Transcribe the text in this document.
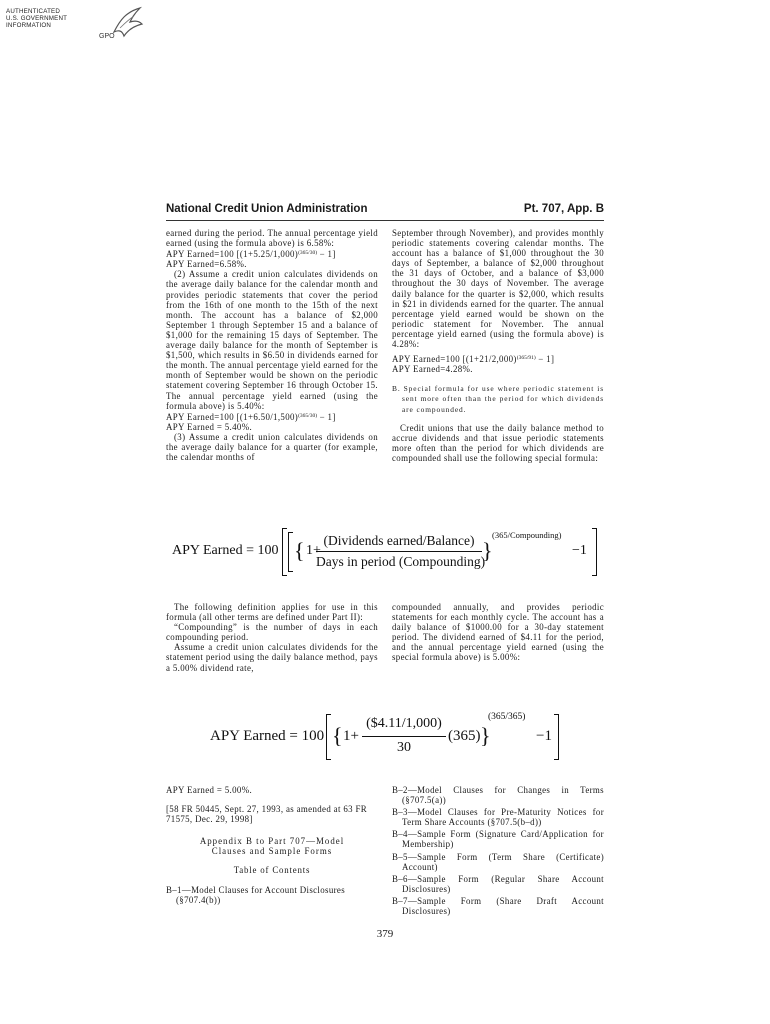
AUTHENTICATED
U.S. GOVERNMENT
INFORMATION
GPO
National Credit Union Administration	Pt. 707, App. B

earned during the period. The annual percentage yield earned (using the formula above) is 6.58%:

APY Earned=100 $[(1+5.25/1,000)^{(365/30)} - 1]$

APY Earned=6.58%.

(2) Assume a credit union calculates dividends on the average daily balance for the calendar month and provides periodic statements that cover the period from the 16th of one month to the 15th of the next month. The account has a balance of $2,000 September 1 through September 15 and a balance of $1,000 for the remaining 15 days of September. The average daily balance for the month of September is $1,500, which results in $6.50 in dividends earned for the month. The annual percentage yield earned for the month of September would be shown on the periodic statement covering September 16 through October 15. The annual percentage yield earned (using the formula above) is 5.40%:

APY Earned=100 $[(1+6.50/1,500)^{(365/30)} - 1]$

APY Earned = 5.40%.

(3) Assume a credit union calculates dividends on the average daily balance for a quarter (for example, the calendar months of

September through November), and provides monthly periodic statements covering calendar months. The account has a balance of $1,000 throughout the 30 days of September, a balance of $2,000 throughout the 31 days of October, and a balance of $3,000 throughout the 30 days of November. The average daily balance for the quarter is $2,000, which results in $21 in dividends earned for the quarter. The annual percentage yield earned would be shown on the periodic statement for November. The annual percentage yield earned (using the formula above) is 4.28%:

APY Earned=100 $[(1+21/2,000)^{(365/91)} - 1]$

APY Earned=4.28%.

B. Special formula for use where periodic statement is sent more often than the period for which dividends are compounded.

Credit unions that use the daily balance method to accrue dividends and that issue periodic statements more often than the period for which dividends are compounded shall use the following special formula:

APY Earned = 100 { 1+
(Dividends earned/Balance)
Days in period (Compounding)
}
(365/Compounding)
−1

The following definition applies for use in this formula (all other terms are defined under Part II):

“Compounding” is the number of days in each compounding period.

Assume a credit union calculates dividends for the statement period using the daily balance method, pays a 5.00% dividend rate,

compounded annually, and provides periodic statements for each monthly cycle. The account has a daily balance of $1000.00 for a 30-day statement period. The dividend earned of $4.11 for the period, and the annual percentage yield earned (using the special formula above) is 5.00%:

APY Earned = 100 { 1+
($4.11/1,000)
30
(365) }
(365/365)
−1

APY Earned = 5.00%.

[58 FR 50445, Sept. 27, 1993, as amended at 63 FR 71575, Dec. 29, 1998]

Appendix B to Part 707—Model

Clauses and Sample Forms

Table of Contents

B–1—Model Clauses for Account Disclosures (§707.4(b))

B–2—Model Clauses for Changes in Terms (§707.5(a))

B–3—Model Clauses for Pre-Maturity Notices for Term Share Accounts (§707.5(b–d))

B–4—Sample Form (Signature Card/Application for Membership)

B–5—Sample Form (Term Share (Certificate) Account)

B–6—Sample Form (Regular Share Account Disclosures)

B–7—Sample Form (Share Draft Account Disclosures)

379
